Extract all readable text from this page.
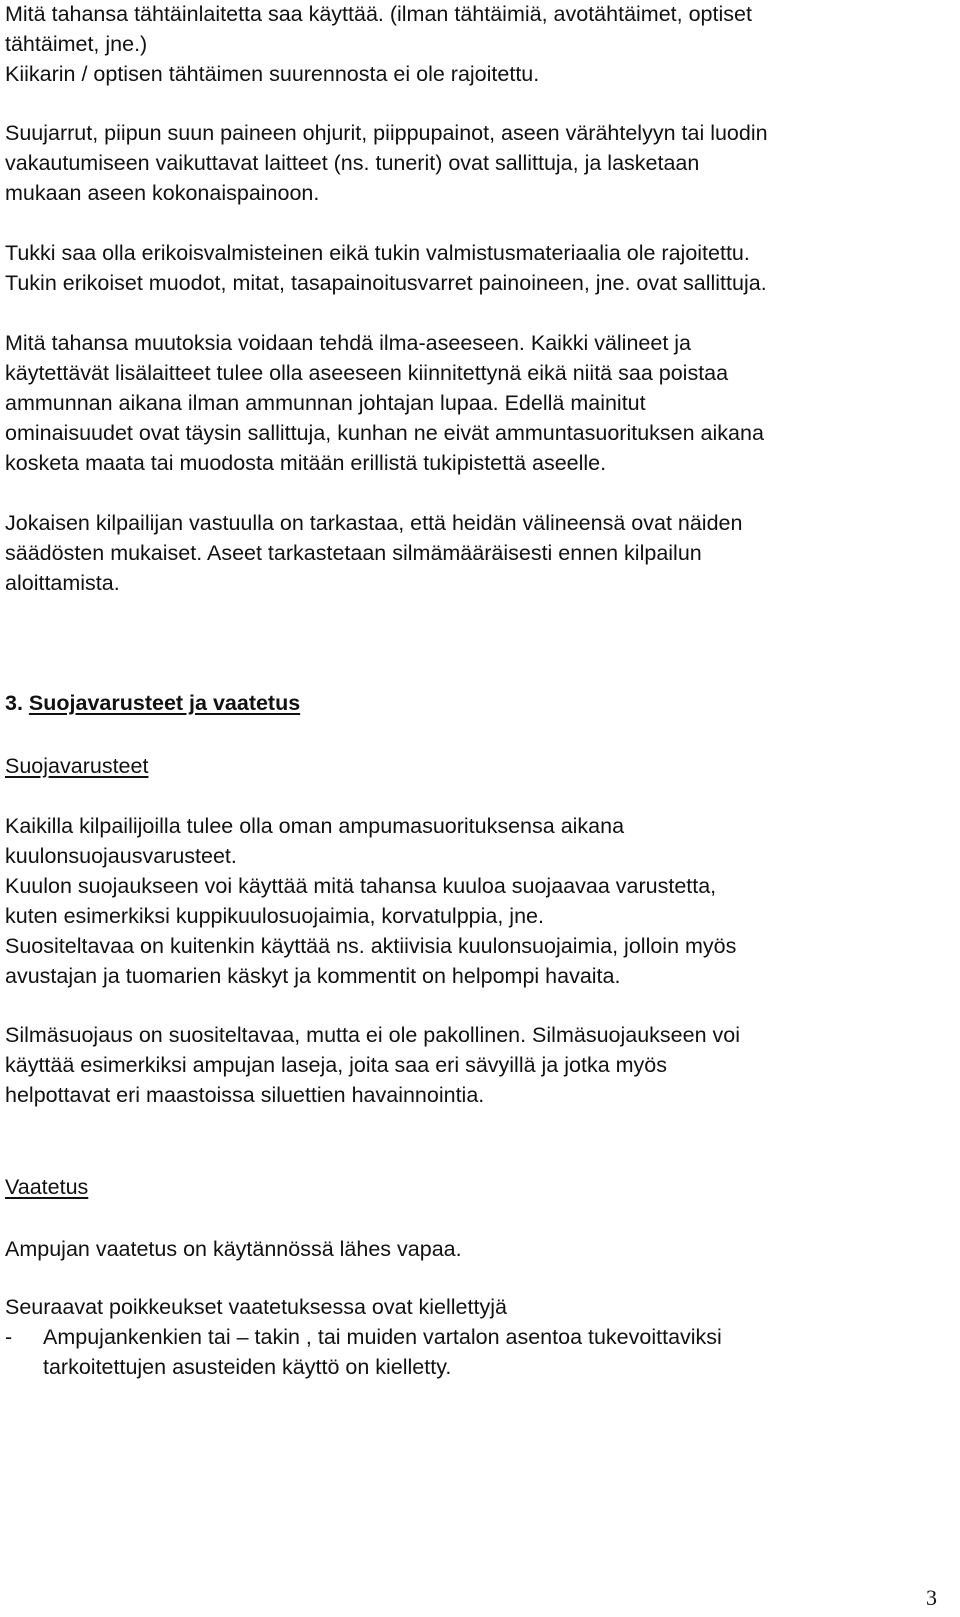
Mitä tahansa tähtäinlaitetta saa käyttää. (ilman tähtäimiä, avotähtäimet, optiset
tähtäimet, jne.)
Kiikarin / optisen tähtäimen suurennosta ei ole rajoitettu.

Suujarrut, piipun suun paineen ohjurit, piippupainot, aseen värähtelyyn tai luodin
vakautumiseen vaikuttavat laitteet (ns. tunerit) ovat sallittuja, ja lasketaan
mukaan aseen kokonaispainoon.

Tukki saa olla erikoisvalmisteinen eikä tukin valmistusmateriaalia ole rajoitettu.
Tukin erikoiset muodot, mitat, tasapainoitusvarret painoineen, jne. ovat sallittuja.

Mitä tahansa muutoksia voidaan tehdä ilma-aseeseen. Kaikki välineet ja
käytettävät lisälaitteet tulee olla aseeseen kiinnitettynä eikä niitä saa poistaa
ammunnan aikana ilman ammunnan johtajan lupaa. Edellä mainitut
ominaisuudet ovat täysin sallittuja, kunhan ne eivät ammuntasuorituksen aikana
kosketa maata tai muodosta mitään erillistä tukipistettä aseelle.

Jokaisen kilpailijan vastuulla on tarkastaa, että heidän välineensä ovat näiden
säädösten mukaiset. Aseet tarkastetaan silmämääräisesti ennen kilpailun
aloittamista.

3. Suojavarusteet ja vaatetus

Suojavarusteet

Kaikilla kilpailijoilla tulee olla oman ampumasuorituksensa aikana
kuulonsuojausvarusteet.
Kuulon suojaukseen voi käyttää mitä tahansa kuuloa suojaavaa varustetta,
kuten esimerkiksi kuppikuulosuojaimia, korvatulppia, jne.
Suositeltavaa on kuitenkin käyttää ns. aktiivisia kuulonsuojaimia, jolloin myös
avustajan ja tuomarien käskyt ja kommentit on helpompi havaita.

Silmäsuojaus on suositeltavaa, mutta ei ole pakollinen. Silmäsuojaukseen voi
käyttää esimerkiksi ampujan laseja, joita saa eri sävyillä ja jotka myös
helpottavat eri maastoissa siluettien havainnointia.

Vaatetus

Ampujan vaatetus on käytännössä lähes vapaa.

Seuraavat poikkeukset vaatetuksessa ovat kiellettyjä
-	Ampujankenkien tai – takin , tai muiden vartalon asentoa tukevoittaviksi
tarkoitettujen asusteiden käyttö on kielletty.

3
